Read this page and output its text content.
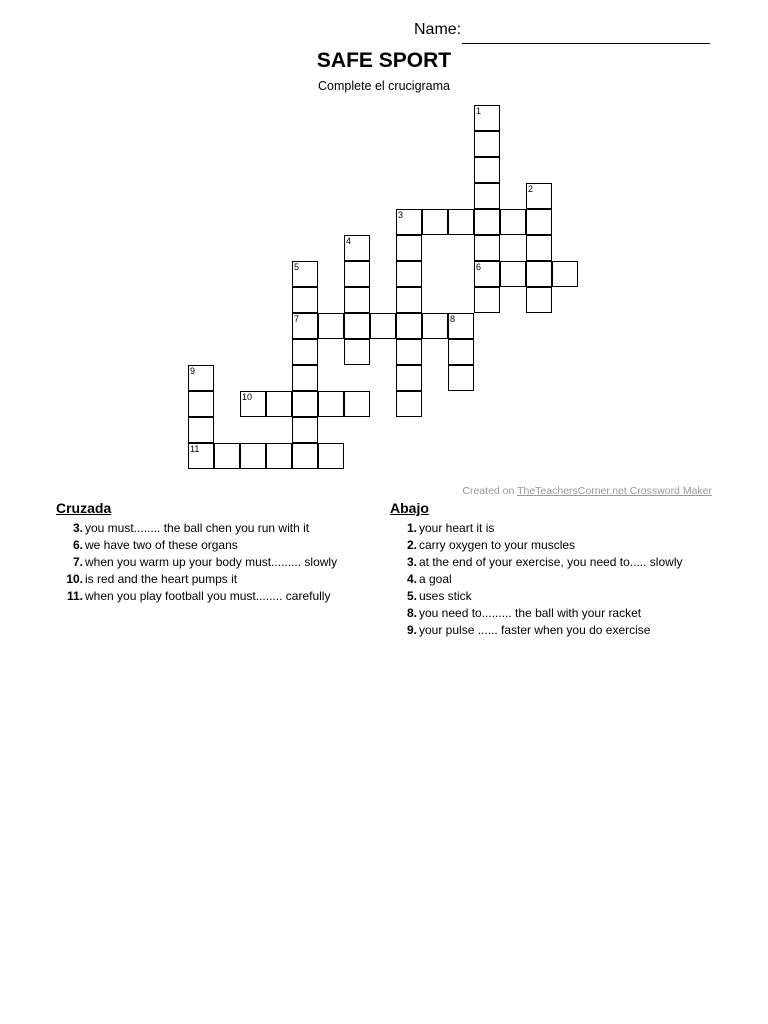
Name:
SAFE SPORT
Complete el crucigrama
1
6
2
3
4
5
7	8
9
11
10
Created on TheTeachersCorner.net Crossword Maker
Cruzada
3. you must........ the ball chen you run with it
6. we have two of these organs
7. when you warm up your body must......... slowly
10. is red and the heart pumps it
11. when you play football you must........ carefully
Abajo
1. your heart it is
2. carry oxygen to your muscles
3. at the end of your exercise, you need to..... slowly
4. a goal
5. uses stick
8. you need to......... the ball with your racket
9. your pulse ...... faster when you do exercise
